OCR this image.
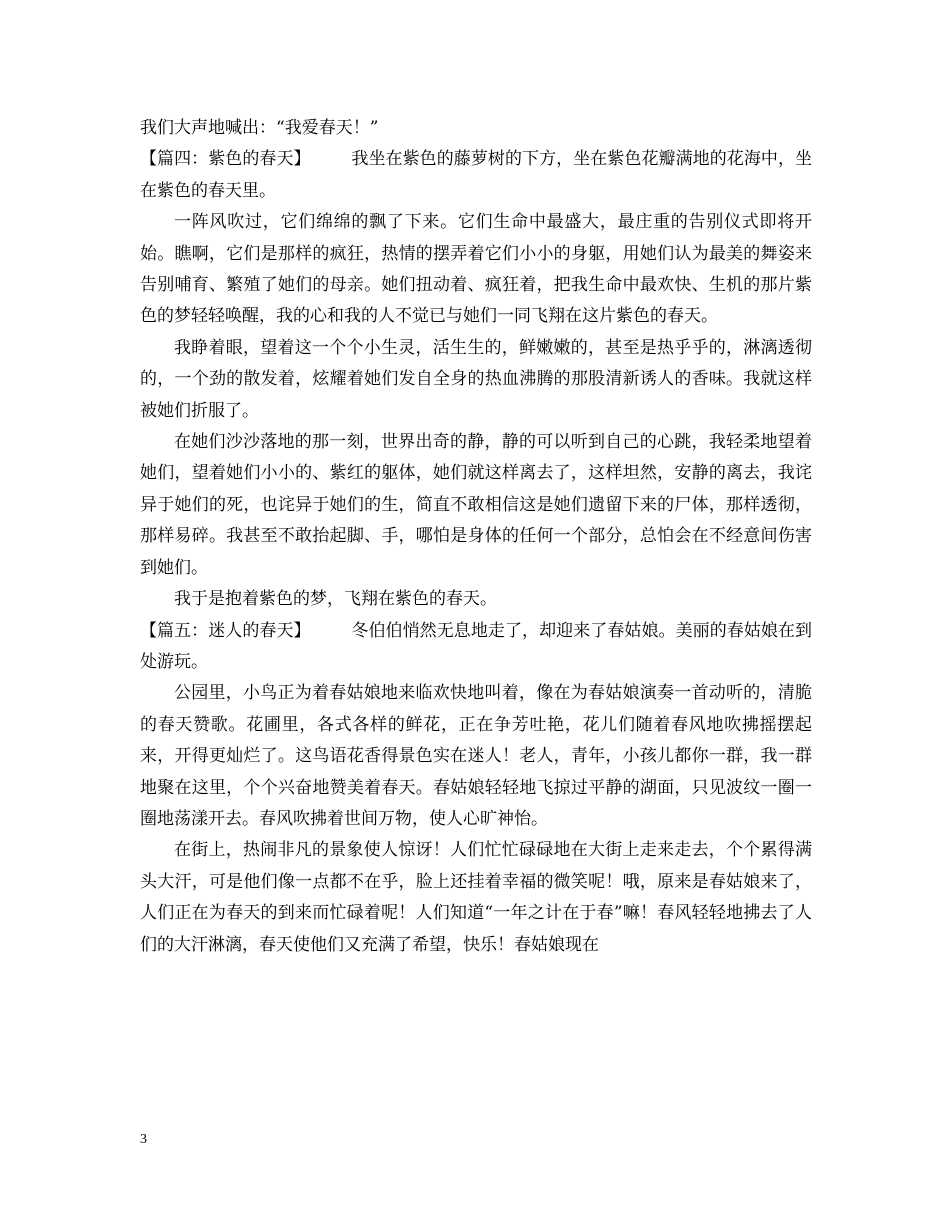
我们大声地喊出：“我爱春天！”

【篇四：紫色的春天】 我坐在紫色的藤萝树的下方，坐在紫色花瓣满地的花海中，坐在紫色的春天里。

一阵风吹过，它们绵绵的飘了下来。它们生命中最盛大，最庄重的告别仪式即将开始。瞧啊，它们是那样的疯狂，热情的摆弄着它们小小的身躯，用她们认为最美的舞姿来告别哺育、繁殖了她们的母亲。她们扭动着、疯狂着，把我生命中最欢快、生机的那片紫色的梦轻轻唤醒，我的心和我的人不觉已与她们一同飞翔在这片紫色的春天。

我睁着眼，望着这一个个小生灵，活生生的，鲜嫩嫩的，甚至是热乎乎的，淋漓透彻的，一个劲的散发着，炫耀着她们发自全身的热血沸腾的那股清新诱人的香味。我就这样被她们折服了。

在她们沙沙落地的那一刻，世界出奇的静，静的可以听到自己的心跳，我轻柔地望着她们，望着她们小小的、紫红的躯体，她们就这样离去了，这样坦然，安静的离去，我诧异于她们的死，也诧异于她们的生，简直不敢相信这是她们遗留下来的尸体，那样透彻，那样易碎。我甚至不敢抬起脚、手，哪怕是身体的任何一个部分，总怕会在不经意间伤害到她们。

我于是抱着紫色的梦，飞翔在紫色的春天。

【篇五：迷人的春天】 冬伯伯悄然无息地走了，却迎来了春姑娘。美丽的春姑娘在到处游玩。

公园里，小鸟正为着春姑娘地来临欢快地叫着，像在为春姑娘演奏一首动听的，清脆的春天赞歌。花圃里，各式各样的鲜花，正在争芳吐艳，花儿们随着春风地吹拂摇摆起来，开得更灿烂了。这鸟语花香得景色实在迷人！老人，青年，小孩儿都你一群，我一群地聚在这里，个个兴奋地赞美着春天。春姑娘轻轻地飞掠过平静的湖面，只见波纹一圈一圈地荡漾开去。春风吹拂着世间万物，使人心旷神怡。

在街上，热闹非凡的景象使人惊讶！人们忙忙碌碌地在大街上走来走去，个个累得满头大汗，可是他们像一点都不在乎，脸上还挂着幸福的微笑呢！哦，原来是春姑娘来了，人们正在为春天的到来而忙碌着呢！人们知道“一年之计在于春”嘛！春风轻轻地拂去了人们的大汗淋漓，春天使他们又充满了希望，快乐！春姑娘现在

3
